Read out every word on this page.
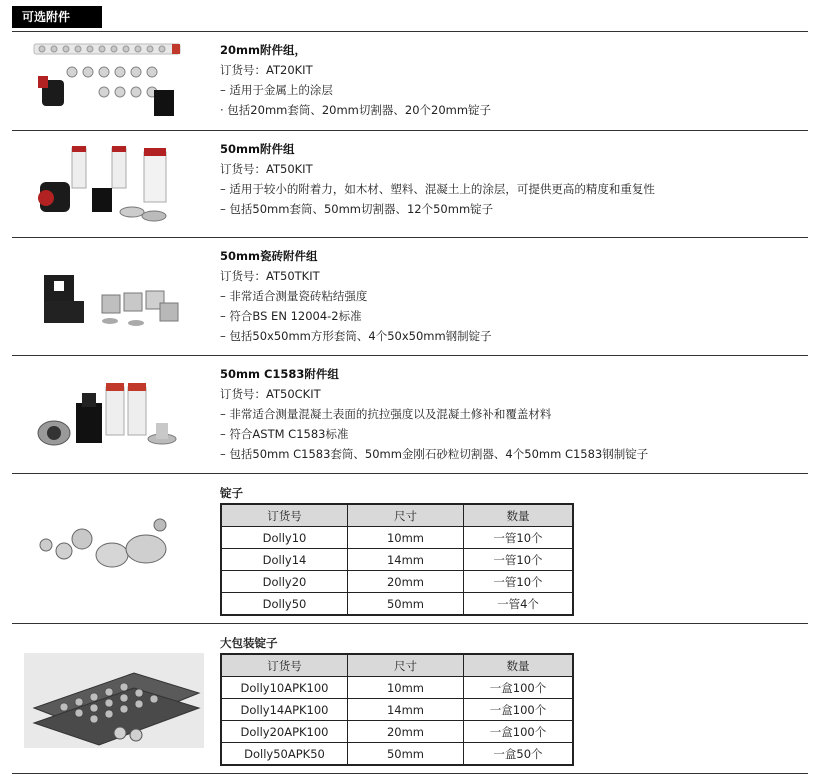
可选附件
20mm附件组，
订货号：AT20KIT
– 适用于金属上的涂层
· 包括20mm套筒、20mm切割器、20个20mm锭子
50mm附件组
订货号：AT50KIT
– 适用于较小的附着力，如木材、塑料、混凝土上的涂层，可提供更高的精度和重复性
– 包括50mm套筒、50mm切割器、12个50mm锭子
50mm瓷砖附件组
订货号：AT50TKIT
– 非常适合测量瓷砖粘结强度
– 符合BS EN 12004-2标准
– 包括50x50mm方形套筒、4个50x50mm钢制锭子
50mm C1583附件组
订货号：AT50CKIT
– 非常适合测量混凝土表面的抗拉强度以及混凝土修补和覆盖材料
– 符合ASTM C1583标准
– 包括50mm C1583套筒、50mm金刚石砂粒切割器、4个50mm C1583钢制锭子
锭子
订货号	尺寸	数量
Dolly10	10mm	一管10个
Dolly14	14mm	一管10个
Dolly20	20mm	一管10个
Dolly50	50mm	一管4个
大包装锭子
订货号	尺寸	数量
Dolly10APK100	10mm	一盒100个
Dolly14APK100	14mm	一盒100个
Dolly20APK100	20mm	一盒100个
Dolly50APK50	50mm	一盒50个
